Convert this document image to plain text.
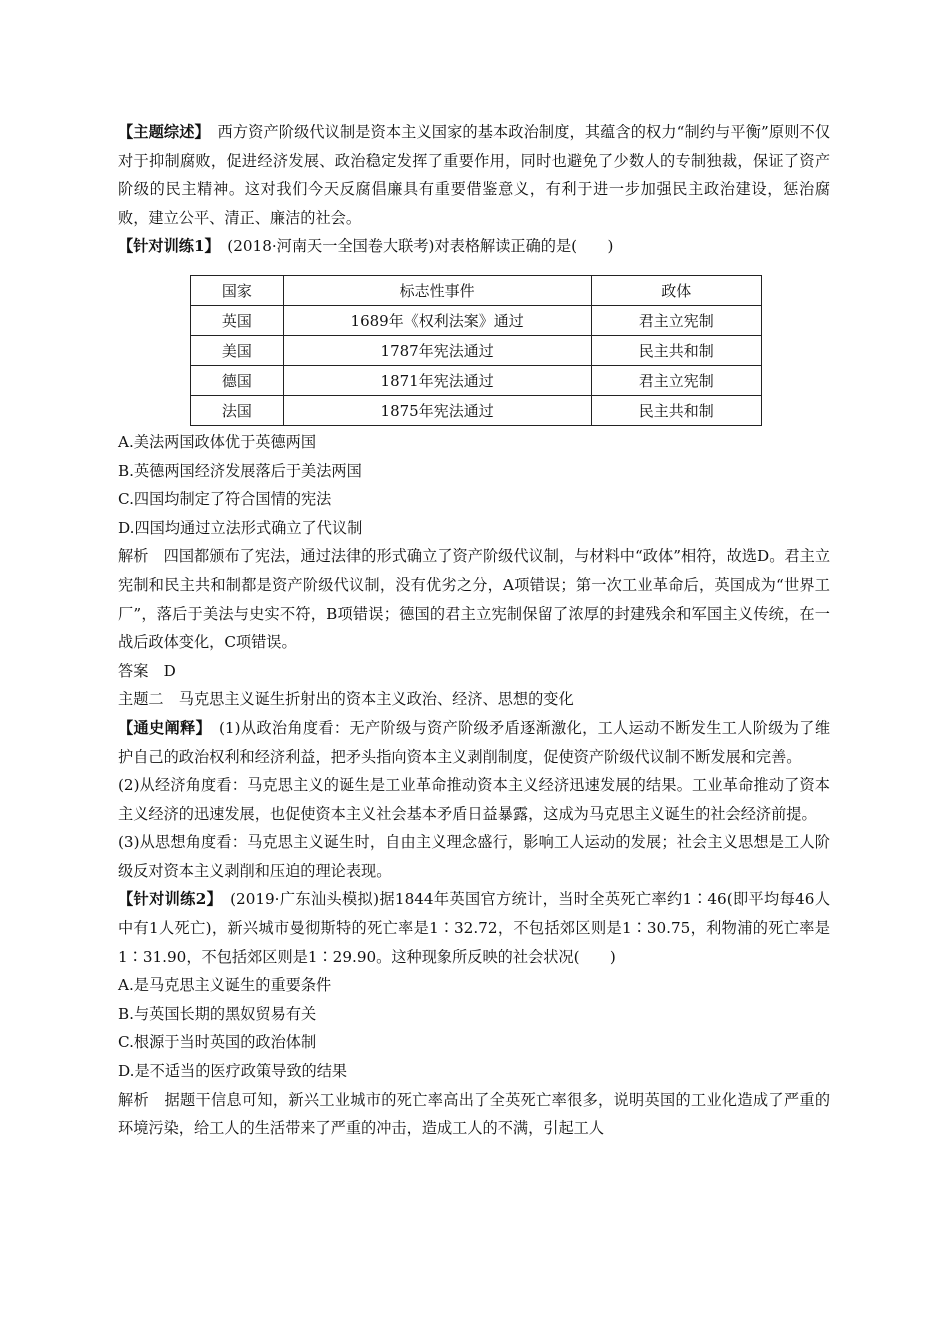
【主题综述】　 西方资产阶级代议制是资本主义国家的基本政治制度，其蕴含的权力“制约与平衡”原则不仅对于抑制腐败，促进经济发展、政治稳定发挥了重要作用，同时也避免了少数人的专制独裁，保证了资产阶级的民主精神。这对我们今天反腐倡廉具有重要借鉴意义，有利于进一步加强民主政治建设，惩治腐败，建立公平、清正、廉洁的社会。

【针对训练1】　 (2018·河南天一全国卷大联考)对表格解读正确的是(　　)

国家	标志性事件	政体
英国	1689年《权利法案》通过	君主立宪制
美国	1787年宪法通过	民主共和制
德国	1871年宪法通过	君主立宪制
法国	1875年宪法通过	民主共和制

A.美法两国政体优于英德两国

B.英德两国经济发展落后于美法两国

C.四国均制定了符合国情的宪法

D.四国均通过立法形式确立了代议制

解析　 四国都颁布了宪法，通过法律的形式确立了资产阶级代议制，与材料中“政体”相符，故选D。君主立宪制和民主共和制都是资产阶级代议制，没有优劣之分，A项错误；第一次工业革命后，英国成为“世界工厂”，落后于美法与史实不符，B项错误；德国的君主立宪制保留了浓厚的封建残余和军国主义传统，在一战后政体变化，C项错误。

答案　 D

主题二　马克思主义诞生折射出的资本主义政治、经济、思想的变化

【通史阐释】　 (1)从政治角度看：无产阶级与资产阶级矛盾逐渐激化，工人运动不断发生工人阶级为了维护自己的政治权利和经济利益，把矛头指向资本主义剥削制度，促使资产阶级代议制不断发展和完善。

(2)从经济角度看：马克思主义的诞生是工业革命推动资本主义经济迅速发展的结果。工业革命推动了资本主义经济的迅速发展，也促使资本主义社会基本矛盾日益暴露，这成为马克思主义诞生的社会经济前提。

(3)从思想角度看：马克思主义诞生时，自由主义理念盛行，影响工人运动的发展；社会主义思想是工人阶级反对资本主义剥削和压迫的理论表现。

【针对训练2】　 (2019·广东汕头模拟)据1844年英国官方统计，当时全英死亡率约1∶46(即平均每46人中有1人死亡)，新兴城市曼彻斯特的死亡率是1∶32.72，不包括郊区则是1∶30.75，利物浦的死亡率是1∶31.90，不包括郊区则是1∶29.90。这种现象所反映的社会状况(　　)

A.是马克思主义诞生的重要条件

B.与英国长期的黑奴贸易有关

C.根源于当时英国的政治体制

D.是不适当的医疗政策导致的结果

解析　 据题干信息可知，新兴工业城市的死亡率高出了全英死亡率很多，说明英国的工业化造成了严重的环境污染，给工人的生活带来了严重的冲击，造成工人的不满，引起工人
